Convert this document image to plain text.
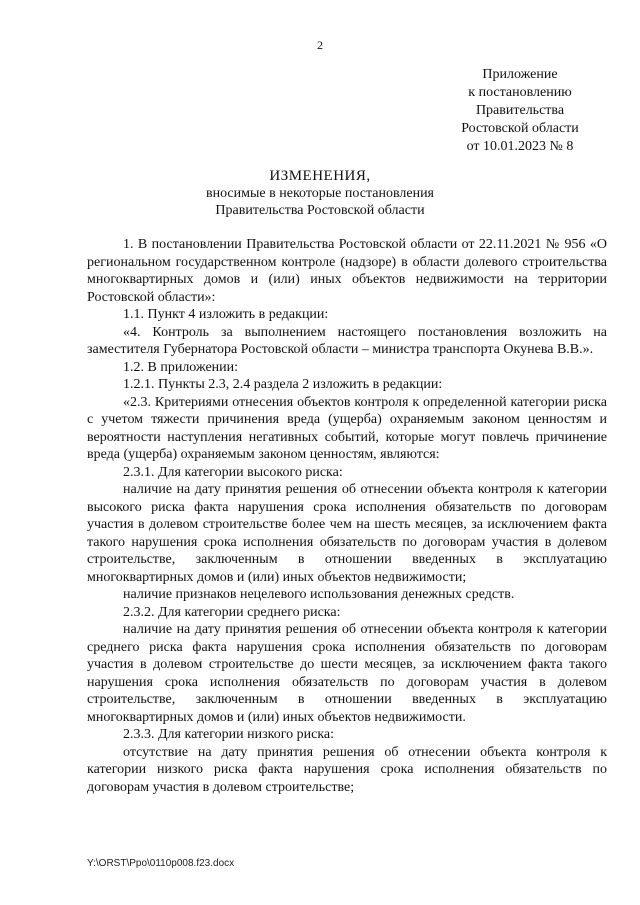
2
Приложение
к постановлению
Правительства
Ростовской области
от 10.01.2023 № 8
ИЗМЕНЕНИЯ,
вносимые в некоторые постановления
Правительства Ростовской области

1. В постановлении Правительства Ростовской области от 22.11.2021 № 956 «О региональном государственном контроле (надзоре) в области долевого строительства многоквартирных домов и (или) иных объектов недвижимости на территории Ростовской области»:

1.1. Пункт 4 изложить в редакции:

«4. Контроль за выполнением настоящего постановления возложить на заместителя Губернатора Ростовской области – министра транспорта Окунева В.В.».

1.2. В приложении:

1.2.1. Пункты 2.3, 2.4 раздела 2 изложить в редакции:

«2.3. Критериями отнесения объектов контроля к определенной категории риска с учетом тяжести причинения вреда (ущерба) охраняемым законом ценностям и вероятности наступления негативных событий, которые могут повлечь причинение вреда (ущерба) охраняемым законом ценностям, являются:

2.3.1. Для категории высокого риска:

наличие на дату принятия решения об отнесении объекта контроля к категории высокого риска факта нарушения срока исполнения обязательств по договорам участия в долевом строительстве более чем на шесть месяцев, за исключением факта такого нарушения срока исполнения обязательств по договорам участия в долевом строительстве, заключенным в отношении введенных в эксплуатацию многоквартирных домов и (или) иных объектов недвижимости;

наличие признаков нецелевого использования денежных средств.

2.3.2. Для категории среднего риска:

наличие на дату принятия решения об отнесении объекта контроля к категории среднего риска факта нарушения срока исполнения обязательств по договорам участия в долевом строительстве до шести месяцев, за исключением факта такого нарушения срока исполнения обязательств по договорам участия в долевом строительстве, заключенным в отношении введенных в эксплуатацию многоквартирных домов и (или) иных объектов недвижимости.

2.3.3. Для категории низкого риска:

отсутствие на дату принятия решения об отнесении объекта контроля к категории низкого риска факта нарушения срока исполнения обязательств по договорам участия в долевом строительстве;

Y:\ORST\Ppo\0110p008.f23.docx
